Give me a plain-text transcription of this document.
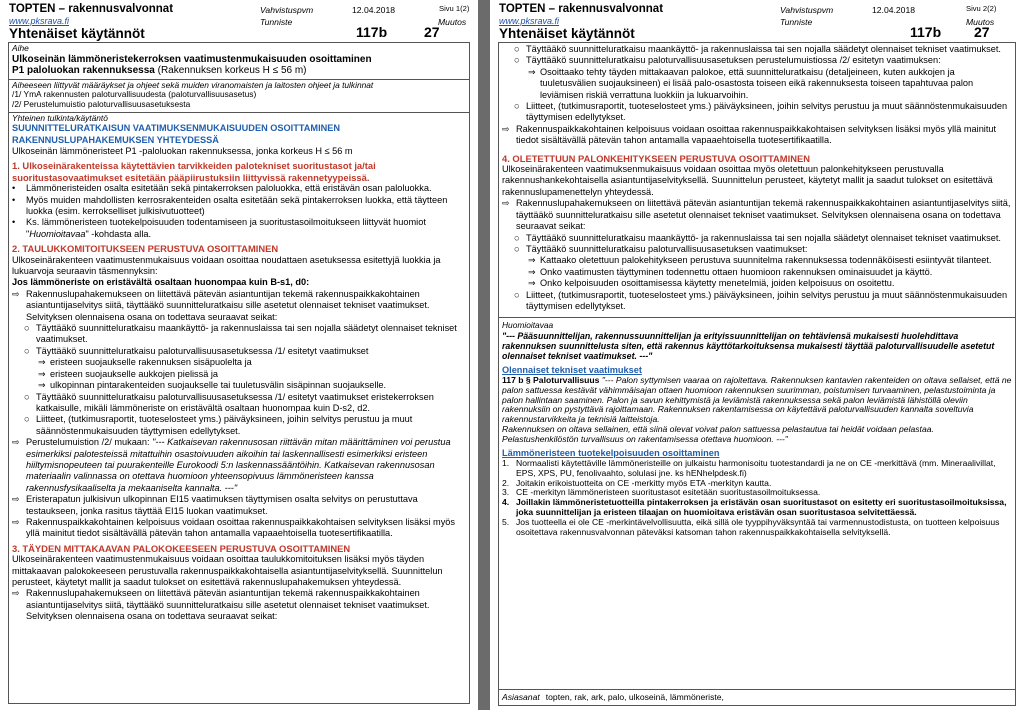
TOPTEN – rakennusvalvonnat
www.pksrava.fi
Vahvistuspvm	12.04.2018	Sivu 1(2)
Tunniste	Muutos
Yhtenäiset käytännöt	117b	27
Aihe
Ulkoseinän lämmöneristekerroksen vaatimustenmukaisuuden osoittaminen
P1 paloluokan rakennuksessa (Rakennuksen korkeus H ≤ 56 m)
Aiheeseen liittyvät määräykset ja ohjeet sekä muiden viranomaisten ja laitosten ohjeet ja tulkinnat
/1/ YmA rakennusten paloturvallisuudesta (paloturvallisuusasetus)
/2/ Perustelumuistio paloturvallisuusasetuksesta
Yhteinen tulkinta/käytäntö
SUUNNITTELURATKAISUN VAATIMUKSENMUKAISUUDEN OSOITTAMINEN
RAKENNUSLUPAHAKEMUKSEN YHTEYDESSÄ
Ulkoseinän lämmöneristeet P1 -paloluokan rakennuksessa, jonka korkeus H ≤ 56 m
1. Ulkoseinärakenteissa käytettävien tarvikkeiden palotekniset suoritustasot ja/tai suoritustasovaatimukset esitetään pääpiirustuksiin liittyvissä rakennetyypeissä.
•	Lämmöneristeiden osalta esitetään sekä pintakerroksen paloluokka, että eristävän osan paloluokka.
•	Myös muiden mahdollisten kerrosrakenteiden osalta esitetään sekä pintakerroksen luokka, että täytteen luokka (esim. kerrokselliset julkisivutuotteet)
•	Ks. lämmöneristeen tuotekelpoisuuden todentamiseen ja suoritustasoilmoitukseen liittyvät huomiot "Huomioitavaa" -kohdasta alla.
2. TAULUKKOMITOITUKSEEN PERUSTUVA OSOITTAMINEN
Ulkoseinärakenteen vaatimustenmukaisuus voidaan osoittaa noudattaen asetuksessa esitettyjä luokkia ja lukuarvoja seuraavin täsmennyksin:
Jos lämmöneriste on eristävältä osaltaan huonompaa kuin B-s1, d0:
⇨ Rakennuslupahakemukseen on liitettävä pätevän asiantuntijan tekemä rakennuspaikkakohtainen asiantuntijaselvitys siitä, täyttääkö suunnitteluratkaisu sille asetetut olennaiset tekniset vaatimukset. Selvityksen olennaisena osana on todettava seuraavat seikat:
○ Täyttääkö suunnitteluratkaisu maankäyttö- ja rakennuslaissa tai sen nojalla säädetyt olennaiset tekniset vaatimukset.
○ Täyttääkö suunnitteluratkaisu paloturvallisuusasetuksessa /1/ esitetyt vaatimukset
⇒ eristeen suojaukselle rakennuksen sisäpuolelta ja
⇒ eristeen suojaukselle aukkojen pielissä ja
⇒ ulkopinnan pintarakenteiden suojaukselle tai tuuletusvälin sisäpinnan suojaukselle.
○ Täyttääkö suunnitteluratkaisu paloturvallisuusasetuksessa /1/ esitetyt vaatimukset eristekerroksen katkaisulle, mikäli lämmöneriste on eristävältä osaltaan huonompaa kuin D-s2, d2.
○ Liitteet, (tutkimusraportit, tuoteselosteet yms.) päiväyksineen, joihin selvitys perustuu ja muut säännöstenmukaisuuden täyttymisen edellytykset.
⇨ Perustelumuistion /2/ mukaan: "--- Katkaisevan rakennusosan riittävän mitan määrittäminen voi perustua esimerkiksi palotesteissä mitattuihin osastoivuuden aikoihin tai laskennallisesti esimerkiksi eristeen hiiltymisnopeuteen tai puurakenteille Eurokoodi 5:n laskennassääntöihin. Katkaisevan rakennusosan materiaalin valinnassa on otettava huomioon yhteensopivuus lämmöneristeen kanssa rakennusfysikaaliselta ja mekaaniselta kannalta. ---"
⇨ Eristerapatun julkisivun ulkopinnan EI15 vaatimuksen täyttymisen osalta selvitys on perustuttava testaukseen, jonka rasitus täyttää EI15 luokan vaatimukset.
⇨ Rakennuspaikkakohtainen kelpoisuus voidaan osoittaa rakennuspaikkakohtaisen selvityksen lisäksi myös yllä mainitut tiedot sisältävällä pätevän tahon antamalla vapaaehtoisella tuotesertifikaatilla.
3. TÄYDEN MITTAKAAVAN PALOKOKEESEEN PERUSTUVA OSOITTAMINEN
Ulkoseinärakenteen vaatimustenmukaisuus voidaan osoittaa taulukkomitoituksen lisäksi myös täyden mittakaavan palokokeeseen perustuvalla rakennuspaikkakohtaisella asiantuntijaselvityksellä. Suunnittelun perusteet, käytetyt mallit ja saadut tulokset on esitettävä rakennuslupahakemuksen yhteydessä.
⇨ Rakennuslupahakemukseen on liitettävä pätevän asiantuntijan tekemä rakennuspaikkakohtainen asiantuntijaselvitys siitä, täyttääkö suunnitteluratkaisu sille asetetut olennaiset tekniset vaatimukset. Selvityksen olennaisena osana on todettava seuraavat seikat:
TOPTEN – rakennusvalvonnat
www.pksrava.fi
Vahvistuspvm	12.04.2018	Sivu 2(2)
Tunniste	Muutos
Yhtenäiset käytännöt	117b 27
○ Täyttääkö suunnitteluratkaisu maankäyttö- ja rakennuslaissa tai sen nojalla säädetyt olennaiset tekniset vaatimukset.
○ Täyttääkö suunnitteluratkaisu paloturvallisuusasetuksen perustelumuistiossa /2/ esitetyn vaatimuksen:
⇒ Osoittaako tehty täyden mittakaavan palokoe, että suunnitteluratkaisu (detaljeineen, kuten aukkojen ja tuuletusvälien suojauksineen) ei lisää palo-osastosta toiseen eikä rakennuksesta toiseen tapahtuvaa palon leviämisen riskiä verrattuna luokkiin ja lukuarvoihin.
○ Liitteet, (tutkimusraportit, tuoteselosteet yms.) päiväyksineen, joihin selvitys perustuu ja muut säännöstenmukaisuuden täyttymisen edellytykset.
⇨ Rakennuspaikkakohtainen kelpoisuus voidaan osoittaa rakennuspaikkakohtaisen selvityksen lisäksi myös yllä mainitut tiedot sisältävällä pätevän tahon antamalla vapaaehtoisella tuotesertifikaatilla.
4. OLETETTUUN PALONKEHITYKSEEN PERUSTUVA OSOITTAMINEN
Ulkoseinärakenteen vaatimuksenmukaisuus voidaan osoittaa myös oletettuun palonkehitykseen perustuvalla rakennushankekohtaisella asiantuntijaselvityksellä. Suunnittelun perusteet, käytetyt mallit ja saadut tulokset on esitettävä rakennuslupamenettelyn yhteydessä.
⇨ Rakennuslupahakemukseen on liitettävä pätevän asiantuntijan tekemä rakennuspaikkakohtainen asiantuntijaselvitys siitä, täyttääkö suunnitteluratkaisu sille asetetut olennaiset tekniset vaatimukset. Selvityksen olennaisena osana on todettava seuraavat seikat:
○ Täyttääkö suunnitteluratkaisu maankäyttö- ja rakennuslaissa tai sen nojalla säädetyt olennaiset tekniset vaatimukset.
○ Täyttääkö suunnitteluratkaisu paloturvallisuusasetuksen vaatimukset:
⇒ Kattaako oletettuun palokehitykseen perustuva suunnitelma rakennuksessa todennäköisesti esiintyvät tilanteet.
⇒ Onko vaatimusten täyttyminen todennettu ottaen huomioon rakennuksen ominaisuudet ja käyttö.
⇒ Onko kelpoisuuden osoittamisessa käytetty menetelmiä, joiden kelpoisuus on osoitettu.
○ Liitteet, (tutkimusraportit, tuoteselosteet yms.) päiväyksineen, joihin selvitys perustuu ja muut säännöstenmukaisuuden täyttymisen edellytykset.
Huomioitavaa
"--- Pääsuunnittelijan, rakennussuunnittelijan ja erityissuunnittelijan on tehtäviensä mukaisesti huolehdittava rakennuksen suunnittelusta siten, että rakennus käyttötarkoituksensa mukaisesti täyttää paloturvallisuudelle asetetut olennaiset tekniset vaatimukset. ---"
Olennaiset tekniset vaatimukset
117 b § Paloturvallisuus "--- Palon syttymisen vaaraa on rajoitettava. Rakennuksen kantavien rakenteiden on oltava sellaiset, että ne palon sattuessa kestävät vähimmäisajan ottaen huomioon rakennuksen suurimman, poistumisen turvaaminen, pelastustoiminta ja palon hallintaan saaminen. Palon ja savun kehittymistä ja leviämistä rakennuksessa sekä palon leviämistä lähistöllä oleviin rakennuksiin on pystyttävä rajoittamaan. Rakennuksen rakentamisessa on käytettävä paloturvallisuuden kannalta soveltuvia rakennustarvikkeita ja teknisiä laitteistoja.
Rakennuksen on oltava sellainen, että siinä olevat voivat palon sattuessa pelastautua tai heidät voidaan pelastaa. Pelastushenkilöstön turvallisuus on rakentamisessa otettava huomioon. ---"
Lämmöneristeen tuotekelpoisuuden osoittaminen
1. Normaalisti käytettäville lämmöneristeille on julkaistu harmonisoitu tuotestandardi ja ne on CE -merkittävä (mm. Mineraalivillat, EPS, XPS, PU, fenolivaahto, solulasi jne. ks hENhelpdesk.fi)
2. Joitakin erikoistuotteita on CE -merkitty myös ETA -merkityn kautta.
3. CE -merkityn lämmöneristeen suoritustasot esitetään suoritustasoilmoituksessa.
4. Joillakin lämmöneristetuotteilla pintakerroksen ja eristävän osan suoritustasot on esitetty eri suoritustasoilmoituksissa, joka suunnittelijan ja eristeen tilaajan on huomioitava eristävän osan suoritustasoa selvitettäessä.
5. Jos tuotteella ei ole CE -merkintävelvollisuutta, eikä sillä ole tyyppihyväksyntää tai varmennustodistusta, on tuotteen kelpoisuus osoitettava rakennusvalvonnan päteväksi katsoman tahon rakennuspaikkakohtaisella selvityksellä.
Asiasanat topten, rak, ark, palo, ulkoseinä, lämmöneriste,
